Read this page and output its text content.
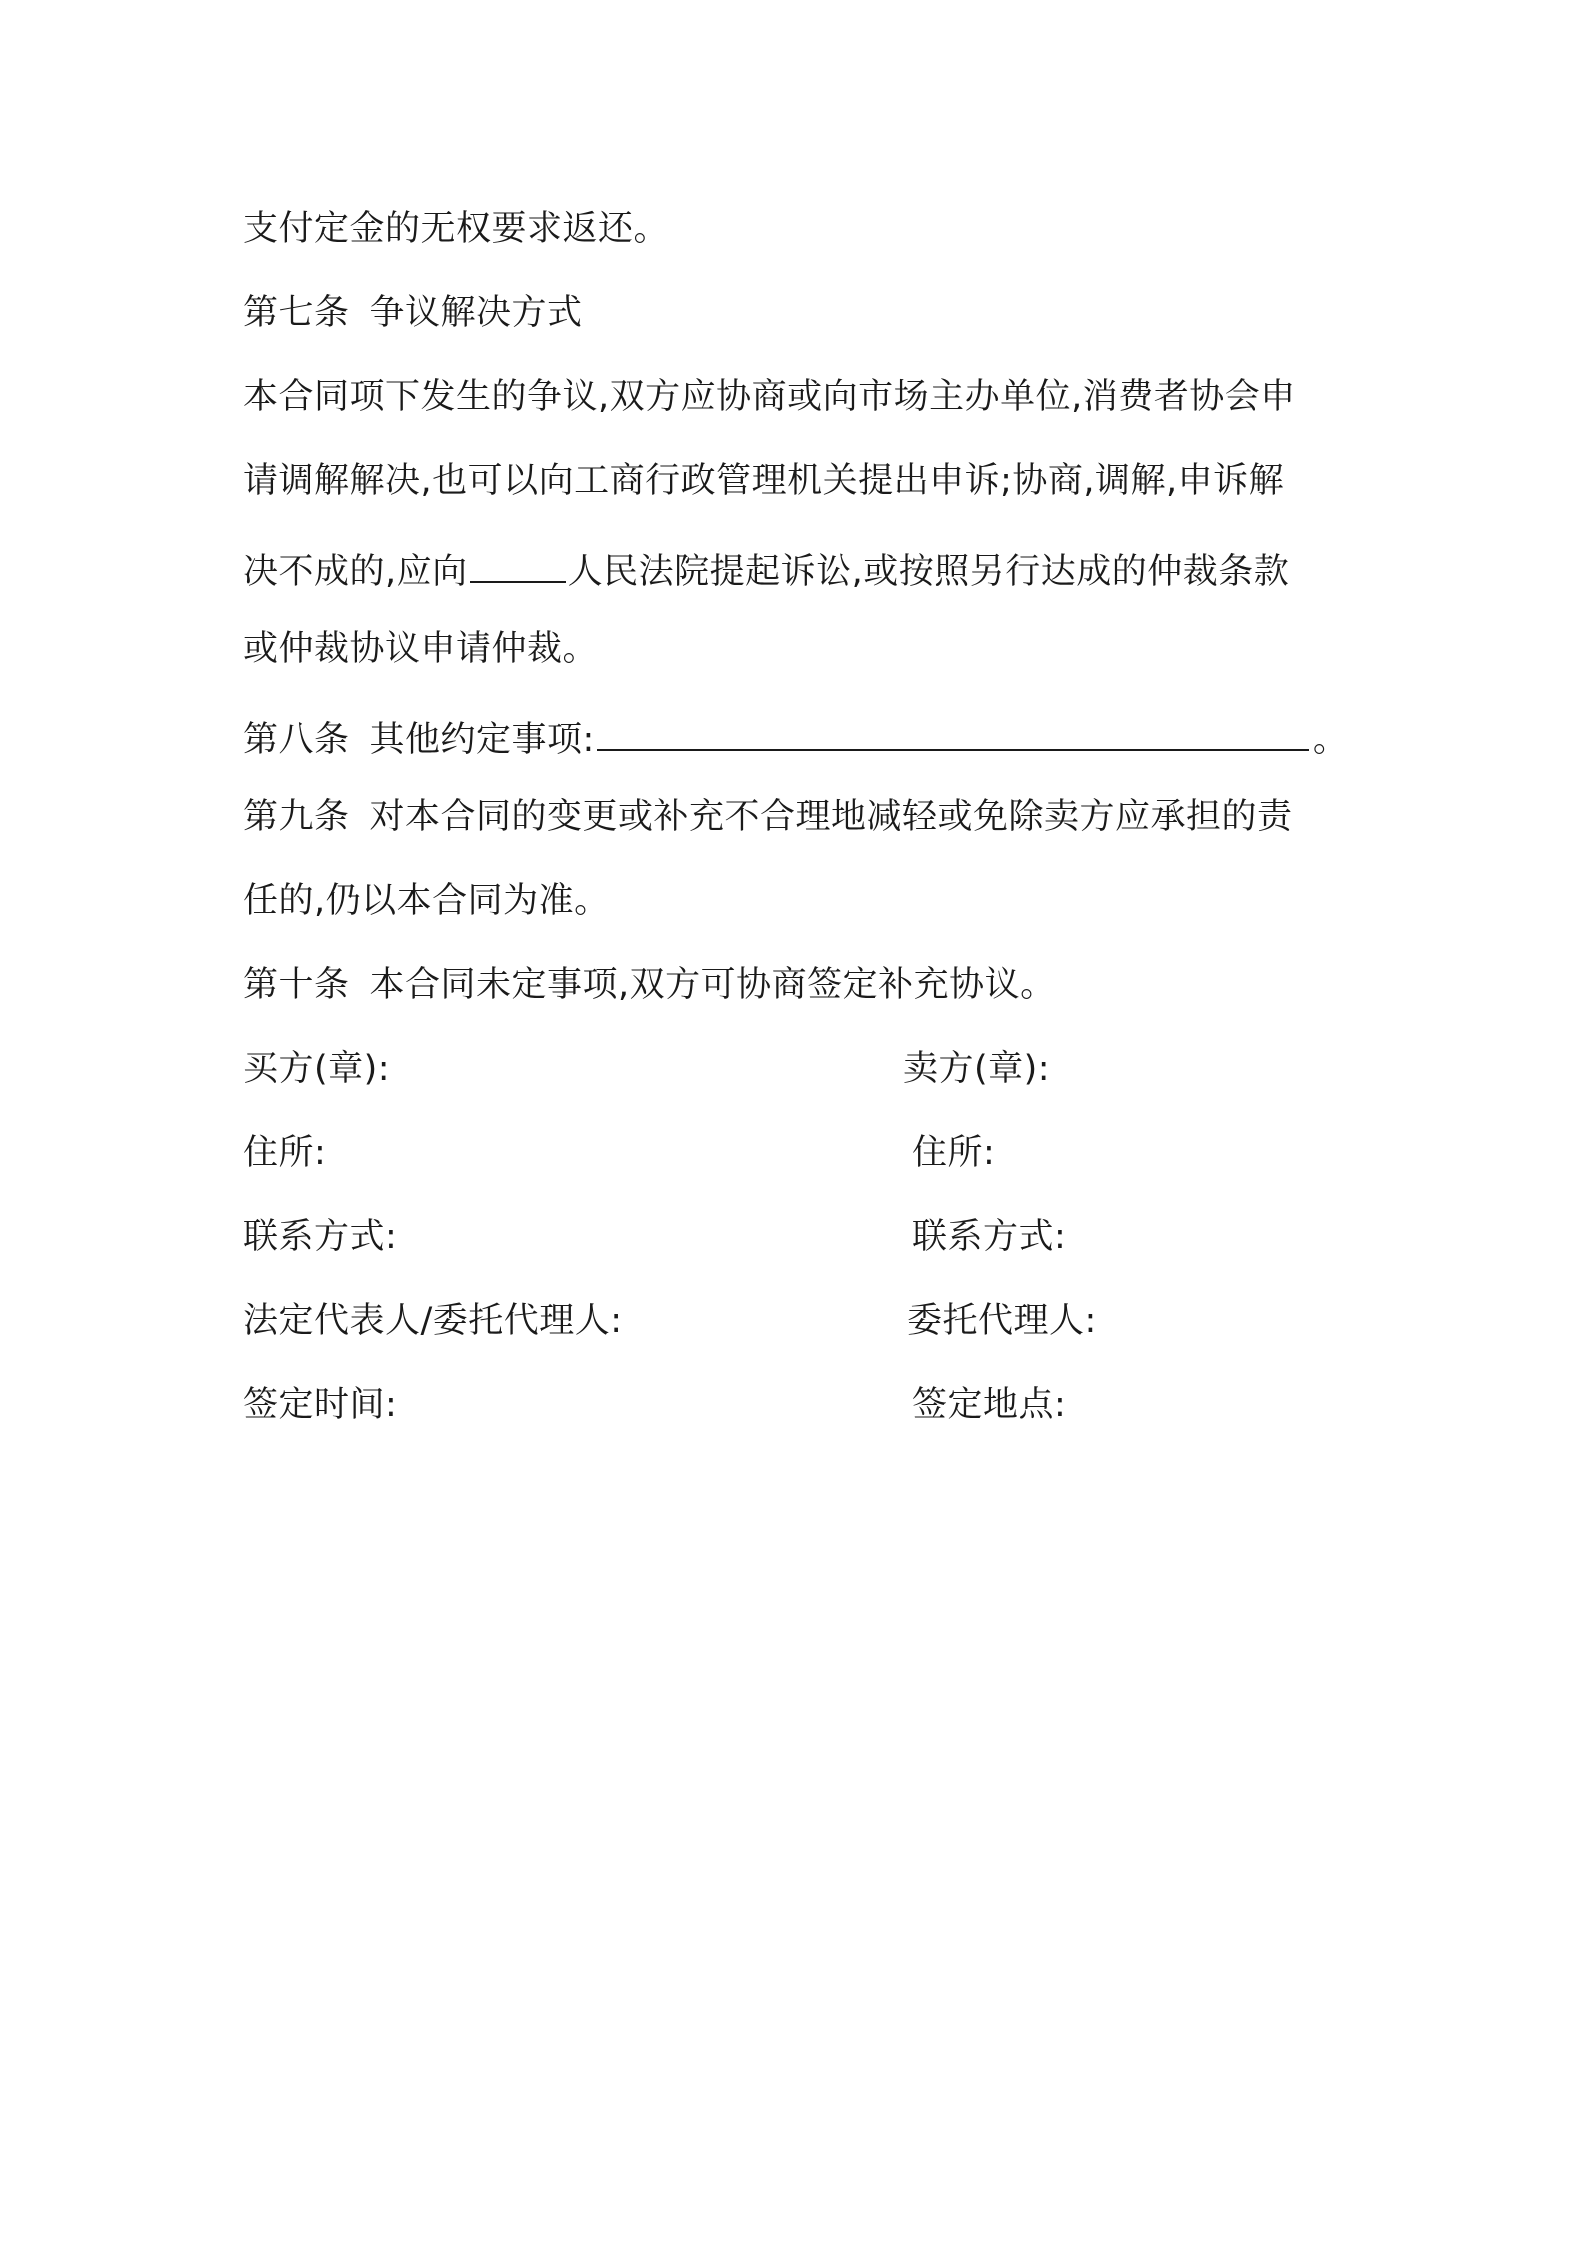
支付定金的无权要求返还。
第七条 争议解决方式
本合同项下发生的争议,双方应协商或向市场主办单位,消费者协会申
请调解解决,也可以向工商行政管理机关提出申诉;协商,调解,申诉解
决不成的,应向	人民法院提起诉讼,或按照另行达成的仲裁条款
或仲裁协议申请仲裁。
第八条 其他约定事项:	。
第九条 对本合同的变更或补充不合理地减轻或免除卖方应承担的责
任的,仍以本合同为准。
第十条 本合同未定事项,双方可协商签定补充协议。
买方(章):
住所:
联系方式:
法定代表人/委托代理人:
签定时间:
卖方(章):
住所:
联系方式:
委托代理人:
签定地点:
